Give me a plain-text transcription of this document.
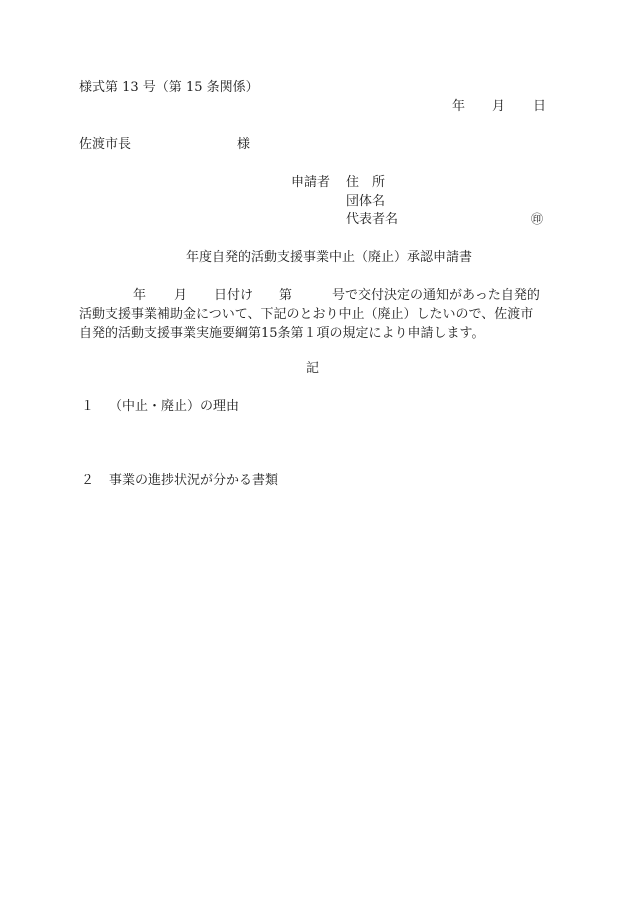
様式第 13 号（第 15 条関係）
年 月 日
佐渡市長	様
申請者 住　所
団体名
代表者名	㊞
年度自発的活動支援事業中止（廃止）承認申請書
年 月 日付け 第	号で交付決定の通知があった自発的
活動支援事業補助金について、下記のとおり中止（廃止）したいので、佐渡市
自発的活動支援事業実施要綱第15条第１項の規定により申請します。
記
１ （中止・廃止）の理由
２ 事業の進捗状況が分かる書類
